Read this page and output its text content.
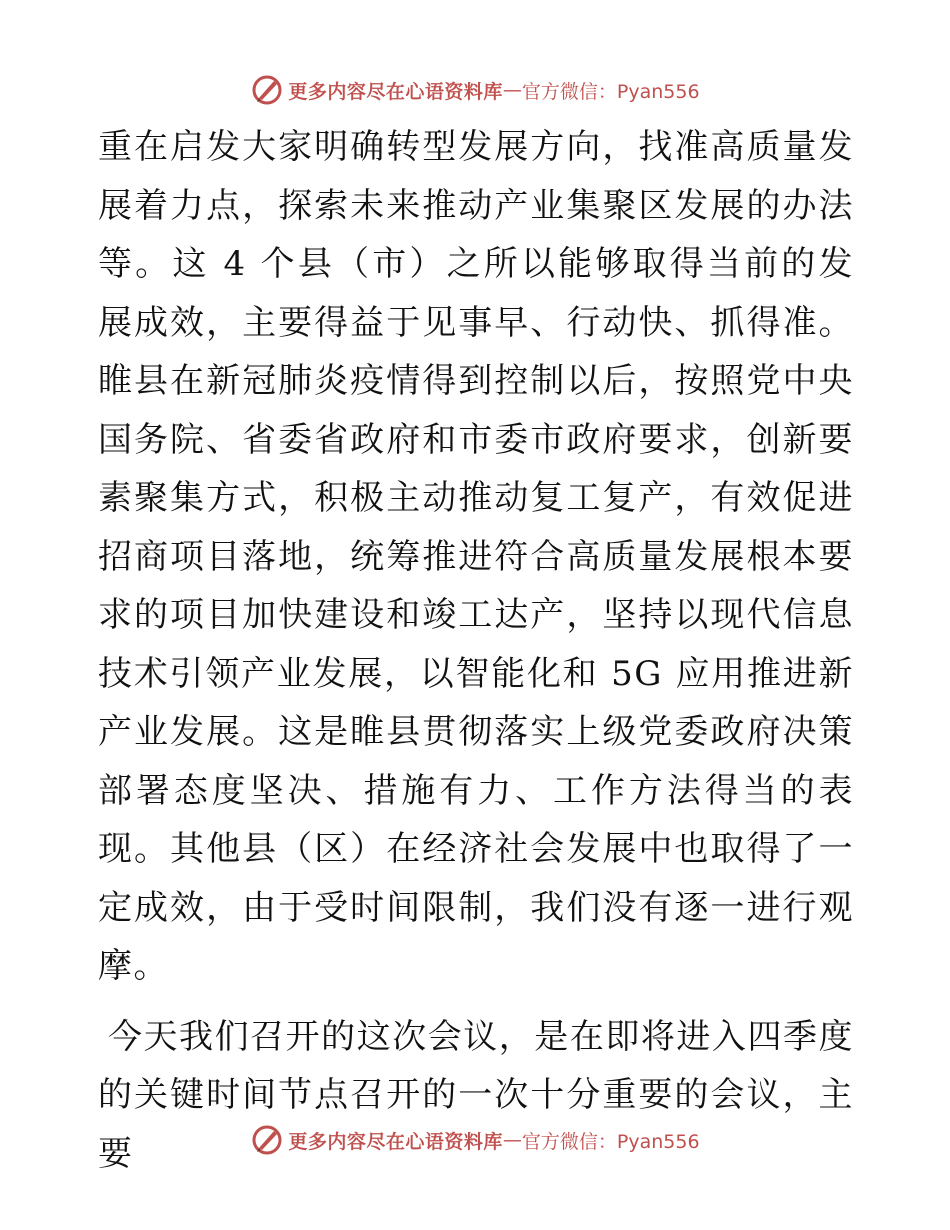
更多内容尽在心语资料库 — 官方微信：Pyan556

重在启发大家明确转型发展方向，找准高质量发展着力点，探索未来推动产业集聚区发展的办法等。这 4 个县（市）之所以能够取得当前的发展成效，主要得益于见事早、行动快、抓得准。睢县在新冠肺炎疫情得到控制以后，按照党中央国务院、省委省政府和市委市政府要求，创新要素聚集方式，积极主动推动复工复产，有效促进招商项目落地，统筹推进符合高质量发展根本要求的项目加快建设和竣工达产，坚持以现代信息技术引领产业发展，以智能化和 5G 应用推进新产业发展。这是睢县贯彻落实上级党委政府决策部署态度坚决、措施有力、工作方法得当的表现。其他县（区）在经济社会发展中也取得了一定成效，由于受时间限制，我们没有逐一进行观摩。

今天我们召开的这次会议，是在即将进入四季度的关键时间节点召开的一次十分重要的会议，主要	更多内容尽在心语资料库 — 官方微信：Pyan556
